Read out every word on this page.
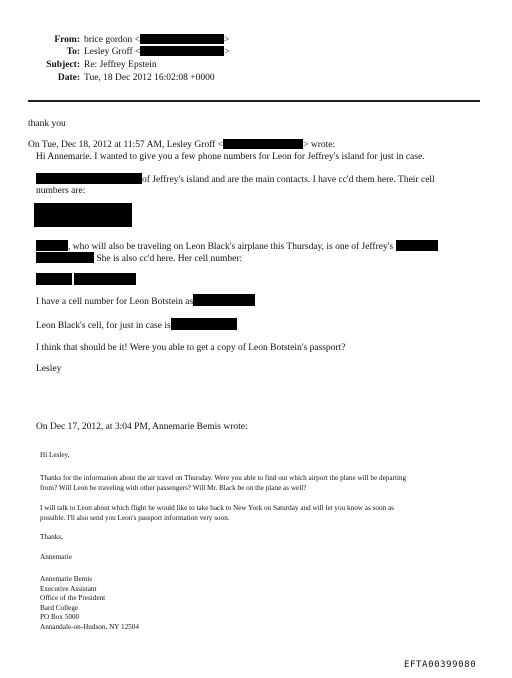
From: brice gordon <	>
To: Lesley Groff <	>
Subject: Re: Jeffrey Epstein
Date: Tue, 18 Dec 2012 16:02:08 +0000
thank you
On Tue, Dec 18, 2012 at 11:57 AM, Lesley Groff <	> wrote:
Hi Annemarie. I wanted to give you a few phone numbers for Leon for Jeffrey's island for just in case.
of Jeffrey's island and are the main contacts. I have cc'd them here. Their cell
numbers are:
, who will also be traveling on Leon Black's airplane this Thursday, is one of Jeffrey's
She is also cc'd here. Her cell number:

I have a cell number for Leon Botstein as
Leon Black's cell, for just in case is
I think that should be it! Were you able to get a copy of Leon Botstein's passport?
Lesley
On Dec 17, 2012, at 3:04 PM, Annemarie Bemis wrote:
Hi Lesley,
Thanks for the information about the air travel on Thursday. Were you able to find out which airport the plane will be departing
from? Will Leon be traveling with other passengers? Will Mr. Black be on the plane as well?
I will talk to Leon about which flight he would like to take back to New York on Saturday and will let you know as soon as
possible. I'll also send you Leon's passport information very soon.
Thanks,
Annemarie
Annemarie Bemis
Executive Assistant
Office of the President
Bard College
PO Box 5000
Annandale-on-Hudson, NY 12504
EFTA00399080
